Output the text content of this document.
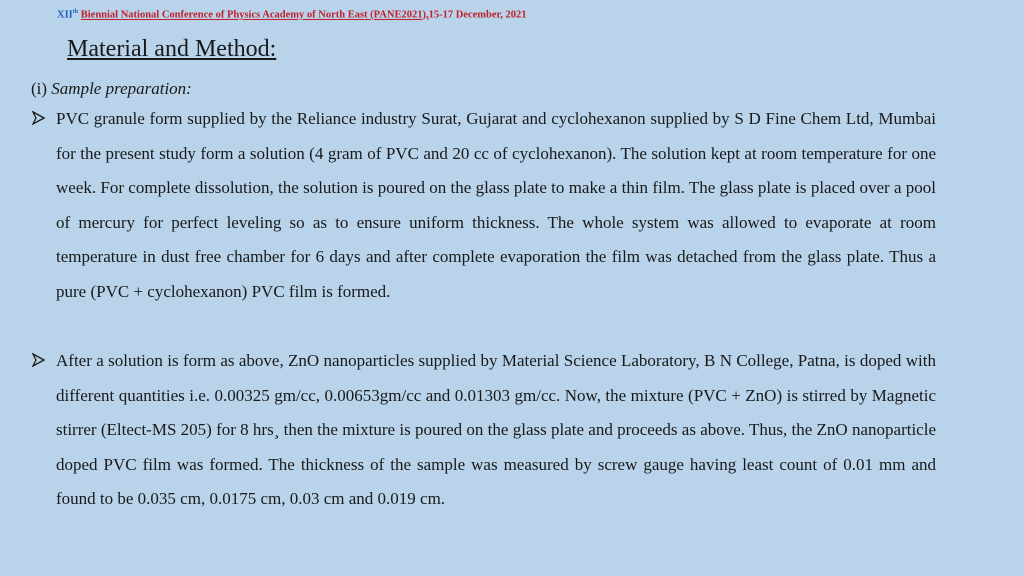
XIIth Biennial National Conference of Physics Academy of North East (PANE2021),15-17 December, 2021
Material and Method:
(i) Sample preparation:

PVC granule form supplied by the Reliance industry Surat, Gujarat and cyclohexanon supplied by S D Fine Chem Ltd, Mumbai for the present study form a solution (4 gram of PVC and 20 cc of cyclohexanon). The solution kept at room temperature for one week. For complete dissolution, the solution is poured on the glass plate to make a thin film. The glass plate is placed over a pool of mercury for perfect leveling so as to ensure uniform thickness. The whole system was allowed to evaporate at room temperature in dust free chamber for 6 days and after complete evaporation the film was detached from the glass plate. Thus a pure (PVC + cyclohexanon) PVC film is formed.

After a solution is form as above, ZnO nanoparticles supplied by Material Science Laboratory, B N College, Patna, is doped with different quantities i.e. 0.00325 gm/cc, 0.00653gm/cc and 0.01303 gm/cc. Now, the mixture (PVC + ZnO) is stirred by Magnetic stirrer (Eltect-MS 205) for 8 hrs¸ then the mixture is poured on the glass plate and proceeds as above. Thus, the ZnO nanoparticle doped PVC film was formed. The thickness of the sample was measured by screw gauge having least count of 0.01 mm and found to be 0.035 cm, 0.0175 cm, 0.03 cm and 0.019 cm.
